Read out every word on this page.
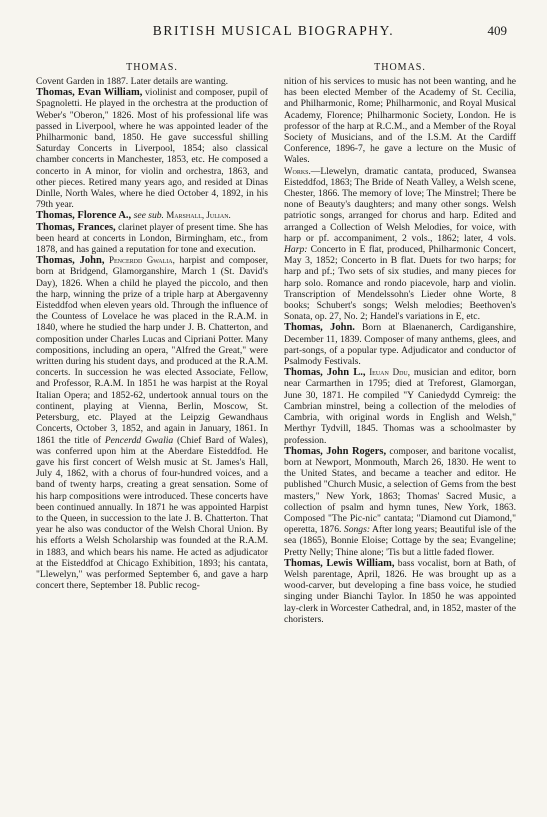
BRITISH MUSICAL BIOGRAPHY.	409
THOMAS.	THOMAS.

Covent Garden in 1887. Later details are wanting.

Thomas, Evan William, violinist and composer, pupil of Spagnoletti. He played in the orchestra at the production of Weber's "Oberon," 1826. Most of his professional life was passed in Liverpool, where he was appointed leader of the Philharmonic band, 1850. He gave successful shilling Saturday Concerts in Liverpool, 1854; also classical chamber concerts in Manchester, 1853, etc. He composed a concerto in A minor, for violin and orchestra, 1863, and other pieces. Retired many years ago, and resided at Dinas Dinlle, North Wales, where he died October 4, 1892, in his 79th year.

Thomas, Florence A., see sub. Marshall, Julian.

Thomas, Frances, clarinet player of present time. She has been heard at concerts in London, Birmingham, etc., from 1878, and has gained a reputation for tone and execution.

Thomas, John, Pencerdd Gwalia, harpist and composer, born at Bridgend, Glamorganshire, March 1 (St. David's Day), 1826. When a child he played the piccolo, and then the harp, winning the prize of a triple harp at Abergavenny Eisteddfod when eleven years old. Through the influence of the Countess of Lovelace he was placed in the R.A.M. in 1840, where he studied the harp under J. B. Chatterton, and composition under Charles Lucas and Cipriani Potter. Many compositions, including an opera, "Alfred the Great," were written during his student days, and produced at the R.A.M. concerts. In succession he was elected Associate, Fellow, and Professor, R.A.M. In 1851 he was harpist at the Royal Italian Opera; and 1852-62, undertook annual tours on the continent, playing at Vienna, Berlin, Moscow, St. Petersburg, etc. Played at the Leipzig Gewandhaus Concerts, October 3, 1852, and again in January, 1861. In 1861 the title of Pencerdd Gwalia (Chief Bard of Wales), was conferred upon him at the Aberdare Eisteddfod. He gave his first concert of Welsh music at St. James's Hall, July 4, 1862, with a chorus of four-hundred voices, and a band of twenty harps, creating a great sensation. Some of his harp compositions were introduced. These concerts have been continued annually. In 1871 he was appointed Harpist to the Queen, in succession to the late J. B. Chatterton. That year he also was conductor of the Welsh Choral Union. By his efforts a Welsh Scholarship was founded at the R.A.M. in 1883, and which bears his name. He acted as adjudicator at the Eisteddfod at Chicago Exhibition, 1893; his cantata, "Llewelyn," was performed September 6, and gave a harp concert there, September 18. Public recog-

nition of his services to music has not been wanting, and he has been elected Member of the Academy of St. Cecilia, and Philharmonic, Rome; Philharmonic, and Royal Musical Academy, Florence; Philharmonic Society, London. He is professor of the harp at R.C.M., and a Member of the Royal Society of Musicians, and of the I.S.M. At the Cardiff Conference, 1896-7, he gave a lecture on the Music of Wales.

Works.—Llewelyn, dramatic cantata, produced, Swansea Eisteddfod, 1863; The Bride of Neath Valley, a Welsh scene, Chester, 1866. The memory of love; The Minstrel; There be none of Beauty's daughters; and many other songs. Welsh patriotic songs, arranged for chorus and harp. Edited and arranged a Collection of Welsh Melodies, for voice, with harp or pf. accompaniment, 2 vols., 1862; later, 4 vols. Harp: Concerto in E flat, produced, Philharmonic Concert, May 3, 1852; Concerto in B flat. Duets for two harps; for harp and pf.; Two sets of six studies, and many pieces for harp solo. Romance and rondo piacevole, harp and violin. Transcription of Mendelssohn's Lieder ohne Worte, 8 books; Schubert's songs; Welsh melodies; Beethoven's Sonata, op. 27, No. 2; Handel's variations in E, etc.

Thomas, John. Born at Blaenanerch, Cardiganshire, December 11, 1839. Composer of many anthems, glees, and part-songs, of a popular type. Adjudicator and conductor of Psalmody Festivals.

Thomas, John L., Ieuan Ddu, musician and editor, born near Carmarthen in 1795; died at Treforest, Glamorgan, June 30, 1871. He compiled "Y Caniedydd Cymreig: the Cambrian minstrel, being a collection of the melodies of Cambria, with original words in English and Welsh," Merthyr Tydvill, 1845. Thomas was a schoolmaster by profession.

Thomas, John Rogers, composer, and baritone vocalist, born at Newport, Monmouth, March 26, 1830. He went to the United States, and became a teacher and editor. He published "Church Music, a selection of Gems from the best masters," New York, 1863; Thomas' Sacred Music, a collection of psalm and hymn tunes, New York, 1863. Composed "The Pic-nic" cantata; "Diamond cut Diamond," operetta, 1876. Songs: After long years; Beautiful isle of the sea (1865), Bonnie Eloise; Cottage by the sea; Evangeline; Pretty Nelly; Thine alone; 'Tis but a little faded flower.

Thomas, Lewis William, bass vocalist, born at Bath, of Welsh parentage, April, 1826. He was brought up as a wood-carver, but developing a fine bass voice, he studied singing under Bianchi Taylor. In 1850 he was appointed lay-clerk in Worcester Cathedral, and, in 1852, master of the choristers.
